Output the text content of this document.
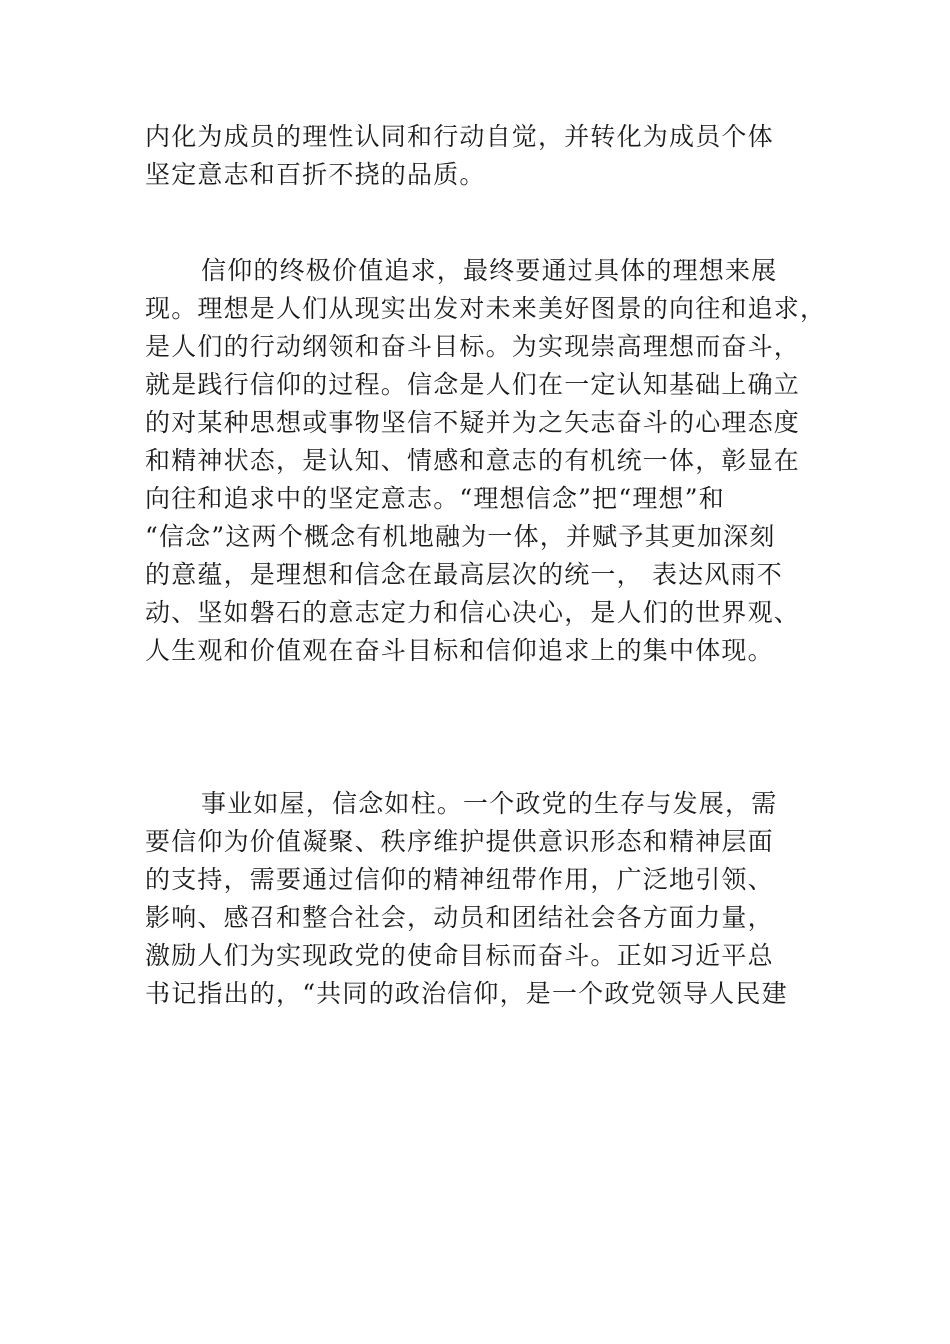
内化为成员的理性认同和行动自觉，并转化为成员个体
坚定意志和百折不挠的品质。
信仰的终极价值追求，最终要通过具体的理想来展
现。理想是人们从现实出发对未来美好图景的向往和追求，
是人们的行动纲领和奋斗目标。为实现崇高理想而奋斗，
就是践行信仰的过程。信念是人们在一定认知基础上确立
的对某种思想或事物坚信不疑并为之矢志奋斗的心理态度
和精神状态，是认知、情感和意志的有机统一体，彰显在
向往和追求中的坚定意志。“理想信念”把“理想”和
“信念”这两个概念有机地融为一体，并赋予其更加深刻
的意蕴，是理想和信念在最高层次的统一， 表达风雨不
动、坚如磐石的意志定力和信心决心，是人们的世界观、
人生观和价值观在奋斗目标和信仰追求上的集中体现。
事业如屋，信念如柱。一个政党的生存与发展，需
要信仰为价值凝聚、秩序维护提供意识形态和精神层面
的支持，需要通过信仰的精神纽带作用，广泛地引领、
影响、感召和整合社会，动员和团结社会各方面力量，
激励人们为实现政党的使命目标而奋斗。正如习近平总
书记指出的，“共同的政治信仰，是一个政党领导人民建
